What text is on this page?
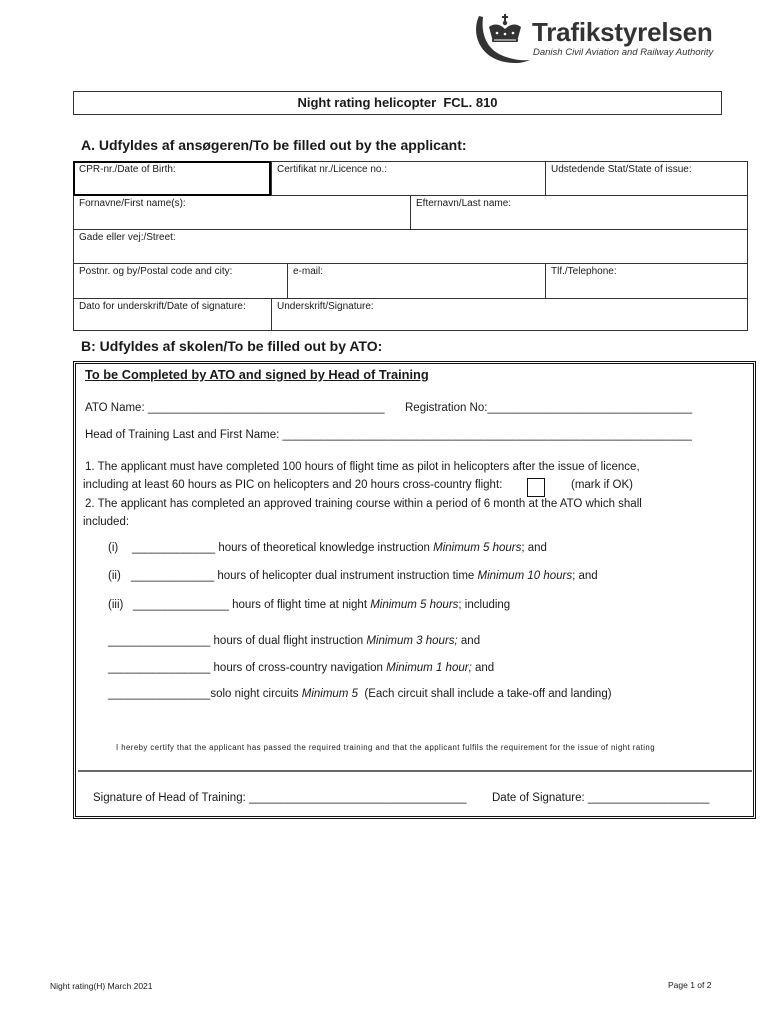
Trafikstyrelsen
Danish Civil Aviation and Railway Authority
Night rating helicopter  FCL. 810
A. Udfyldes af ansøgeren/To be filled out by the applicant:
CPR-nr./Date of Birth:	Certifikat nr./Licence no.:	Udstedende Stat/State of issue:
Fornavne/First name(s):	Efternavn/Last name:
Gade eller vej:/Street:
Postnr. og by/Postal code and city:	e-mail:	Tlf./Telephone:
Dato for underskrift/Date of signature:	Underskrift/Signature:
B: Udfyldes af skolen/To be filled out by ATO:
To be Completed by ATO and signed by Head of Training
ATO Name: _____________________________________ Registration No:________________________________
Head of Training Last and First Name: ________________________________________________________________
1. The applicant must have completed 100 hours of flight time as pilot in helicopters after the issue of licence,
including at least 60 hours as PIC on helicopters and 20 hours cross-country flight:	(mark if OK)
2. The applicant has completed an approved training course within a period of 6 month at the ATO which shall
included:
(i) _____________ hours of theoretical knowledge instruction Minimum 5 hours; and
(ii) _____________ hours of helicopter dual instrument instruction time Minimum 10 hours; and
(iii) _______________ hours of flight time at night Minimum 5 hours; including
________________ hours of dual flight instruction Minimum 3 hours; and
________________ hours of cross-country navigation Minimum 1 hour; and
________________solo night circuits Minimum 5  (Each circuit shall include a take-off and landing)
I hereby certify that the applicant has passed the required training and that the applicant fulfils the requirement for the issue of night rating
Signature of Head of Training: __________________________________ Date of Signature: ___________________
Night rating(H) March 2021	Page 1 of 2
